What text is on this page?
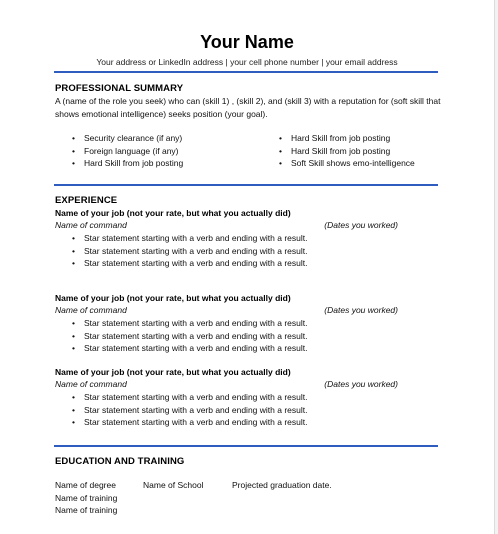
Your Name
Your address or LinkedIn address | your cell phone number | your email address
PROFESSIONAL SUMMARY
A (name of the role you seek) who can (skill 1) , (skill 2), and (skill 3) with a reputation for (soft skill that shows emotional intelligence) seeks position (your goal).
• Security clearance (if any)
• Foreign language (if any)
• Hard Skill from job posting
• Hard Skill from job posting
• Hard Skill from job posting
• Soft Skill shows emo-intelligence
EXPERIENCE
Name of your job (not your rate, but what you actually did)
Name of command	(Dates you worked)
• Star statement starting with a verb and ending with a result.
• Star statement starting with a verb and ending with a result.
• Star statement starting with a verb and ending with a result.
Name of your job (not your rate, but what you actually did)
Name of command	(Dates you worked)
• Star statement starting with a verb and ending with a result.
• Star statement starting with a verb and ending with a result.
• Star statement starting with a verb and ending with a result.
Name of your job (not your rate, but what you actually did)
Name of command	(Dates you worked)
• Star statement starting with a verb and ending with a result.
• Star statement starting with a verb and ending with a result.
• Star statement starting with a verb and ending with a result.
EDUCATION AND TRAINING
Name of degree	Name of School	Projected graduation date.
Name of training
Name of training
